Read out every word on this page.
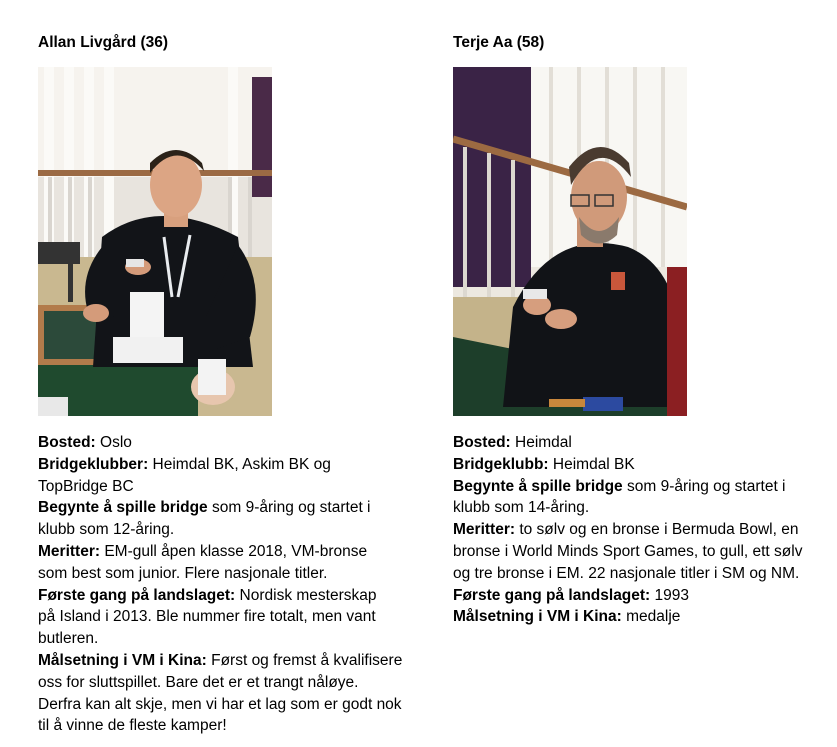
Allan Livgård (36)

Bosted: Oslo

Bridgeklubber: Heimdal BK, Askim BK og TopBridge BC

Begynte å spille bridge som 9-åring og startet i klubb som 12-åring.

Meritter: EM-gull åpen klasse 2018, VM-bronse som best som junior. Flere nasjonale titler.

Første gang på landslaget: Nordisk mesterskap på Island i 2013. Ble nummer fire totalt, men vant butleren.

Målsetning i VM i Kina: Først og fremst å kvalifisere oss for sluttspillet. Bare det er et trangt nåløye. Derfra kan alt skje, men vi har et lag som er godt nok til å vinne de fleste kamper!

Terje Aa (58)

Bosted: Heimdal

Bridgeklubb: Heimdal BK

Begynte å spille bridge som 9-åring og startet i klubb som 14-åring.

Meritter: to sølv og en bronse i Bermuda Bowl, en bronse i World Minds Sport Games, to gull, ett sølv og tre bronse i EM. 22 nasjonale titler i SM og NM.

Første gang på landslaget: 1993

Målsetning i VM i Kina: medalje
